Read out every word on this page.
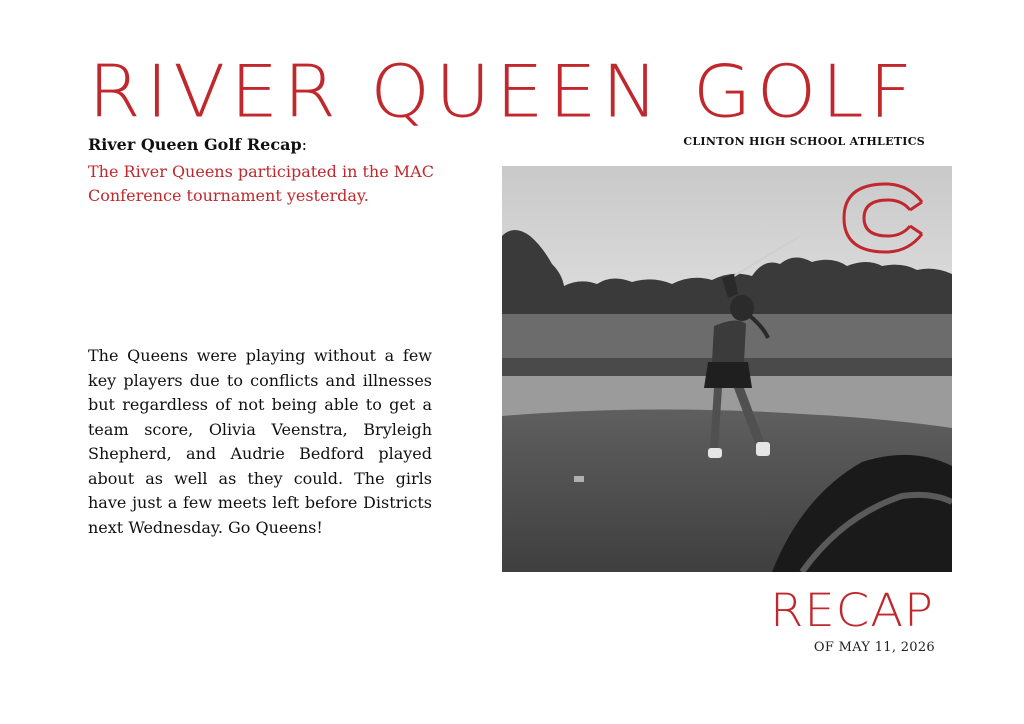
RIVER QUEEN GOLF
CLINTON HIGH SCHOOL ATHLETICS
River Queen Golf Recap:
The River Queens participated in the MAC Conference tournament yesterday.
The Queens were playing without a few key players due to conflicts and illnesses but regardless of not being able to get a team score, Olivia Veenstra, Bryleigh Shepherd, and Audrie Bedford played about as well as they could. The girls have just a few meets left before Districts next Wednesday. Go Queens!
RECAP
OF MAY 11, 2026
